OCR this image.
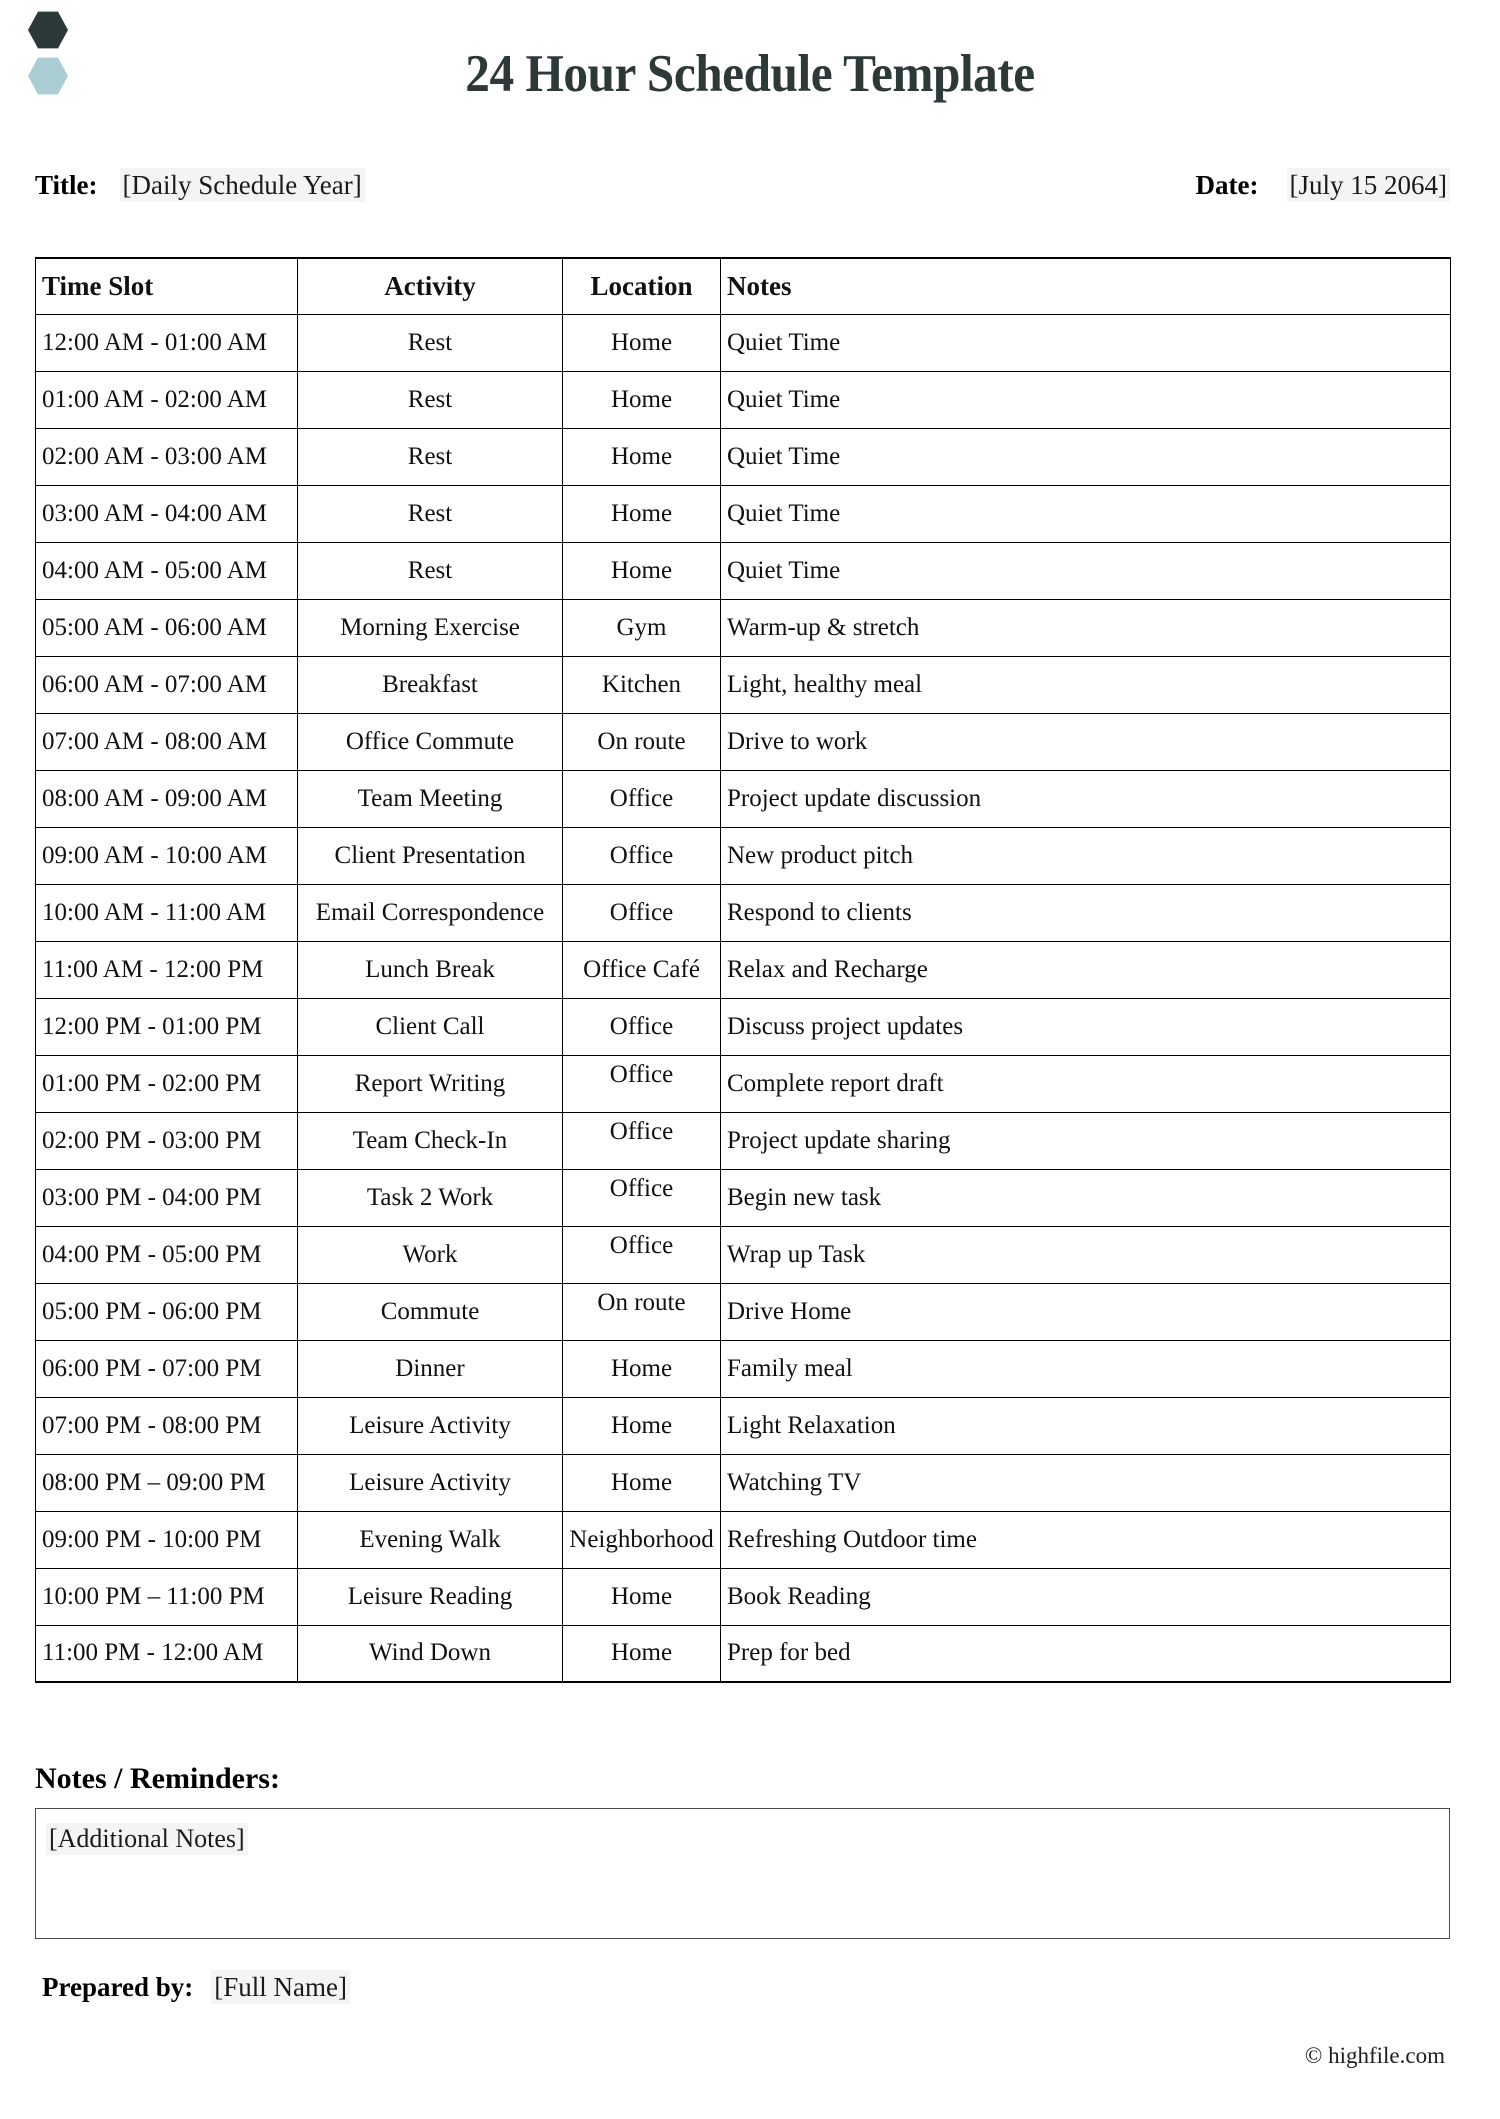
24 Hour Schedule Template
Title: [Daily Schedule Year]	Date: [July 15 2064]
Time Slot	Activity	Location	Notes
12:00 AM - 01:00 AM	Rest	Home	Quiet Time
01:00 AM - 02:00 AM	Rest	Home	Quiet Time
02:00 AM - 03:00 AM	Rest	Home	Quiet Time
03:00 AM - 04:00 AM	Rest	Home	Quiet Time
04:00 AM - 05:00 AM	Rest	Home	Quiet Time
05:00 AM - 06:00 AM	Morning Exercise	Gym	Warm-up & stretch
06:00 AM - 07:00 AM	Breakfast	Kitchen	Light, healthy meal
07:00 AM - 08:00 AM	Office Commute	On route	Drive to work
08:00 AM - 09:00 AM	Team Meeting	Office	Project update discussion
09:00 AM - 10:00 AM	Client Presentation	Office	New product pitch
10:00 AM - 11:00 AM	Email Correspondence	Office	Respond to clients
11:00 AM - 12:00 PM	Lunch Break	Office Café	Relax and Recharge
12:00 PM - 01:00 PM	Client Call	Office	Discuss project updates
01:00 PM - 02:00 PM	Report Writing	Office	Complete report draft
02:00 PM - 03:00 PM	Team Check-In	Office	Project update sharing
03:00 PM - 04:00 PM	Task 2 Work	Office	Begin new task
04:00 PM - 05:00 PM	Work	Office	Wrap up Task
05:00 PM - 06:00 PM	Commute	On route	Drive Home
06:00 PM - 07:00 PM	Dinner	Home	Family meal
07:00 PM - 08:00 PM	Leisure Activity	Home	Light Relaxation
08:00 PM – 09:00 PM	Leisure Activity	Home	Watching TV
09:00 PM - 10:00 PM	Evening Walk	Neighborhood	Refreshing Outdoor time
10:00 PM – 11:00 PM	Leisure Reading	Home	Book Reading
11:00 PM - 12:00 AM	Wind Down	Home	Prep for bed
Notes / Reminders:
[Additional Notes]
Prepared by: [Full Name]
© highfile.com
